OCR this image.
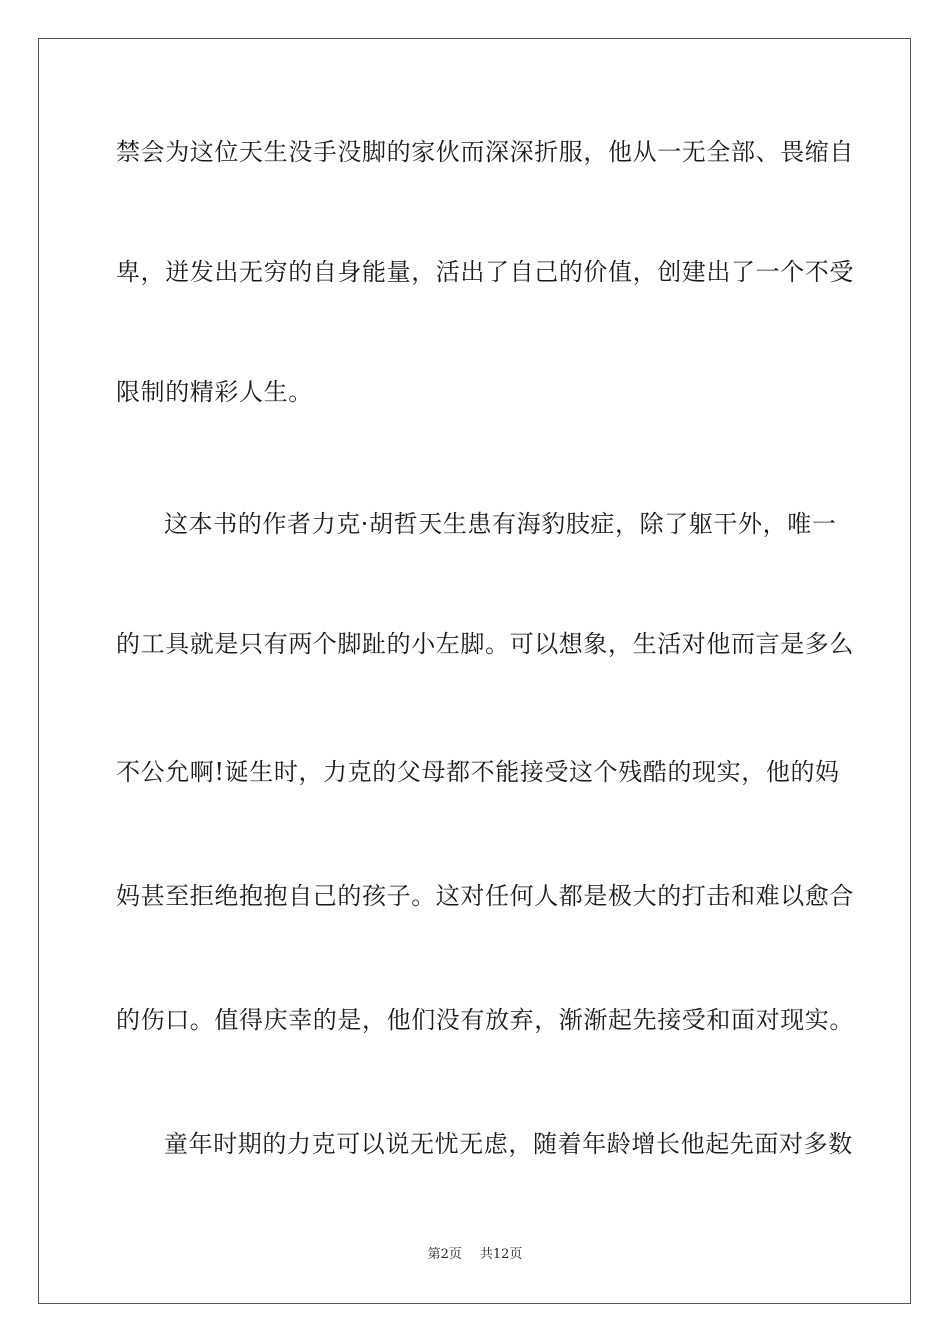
禁会为这位天生没手没脚的家伙而深深折服，他从一无全部、畏缩自
卑，迸发出无穷的自身能量，活出了自己的价值，创建出了一个不受
限制的精彩人生。
这本书的作者力克·胡哲天生患有海豹肢症，除了躯干外，唯一
的工具就是只有两个脚趾的小左脚。可以想象，生活对他而言是多么
不公允啊!诞生时，力克的父母都不能接受这个残酷的现实，他的妈
妈甚至拒绝抱抱自己的孩子。这对任何人都是极大的打击和难以愈合
的伤口。值得庆幸的是，他们没有放弃，渐渐起先接受和面对现实。
童年时期的力克可以说无忧无虑，随着年龄增长他起先面对多数
第2页 共12页
